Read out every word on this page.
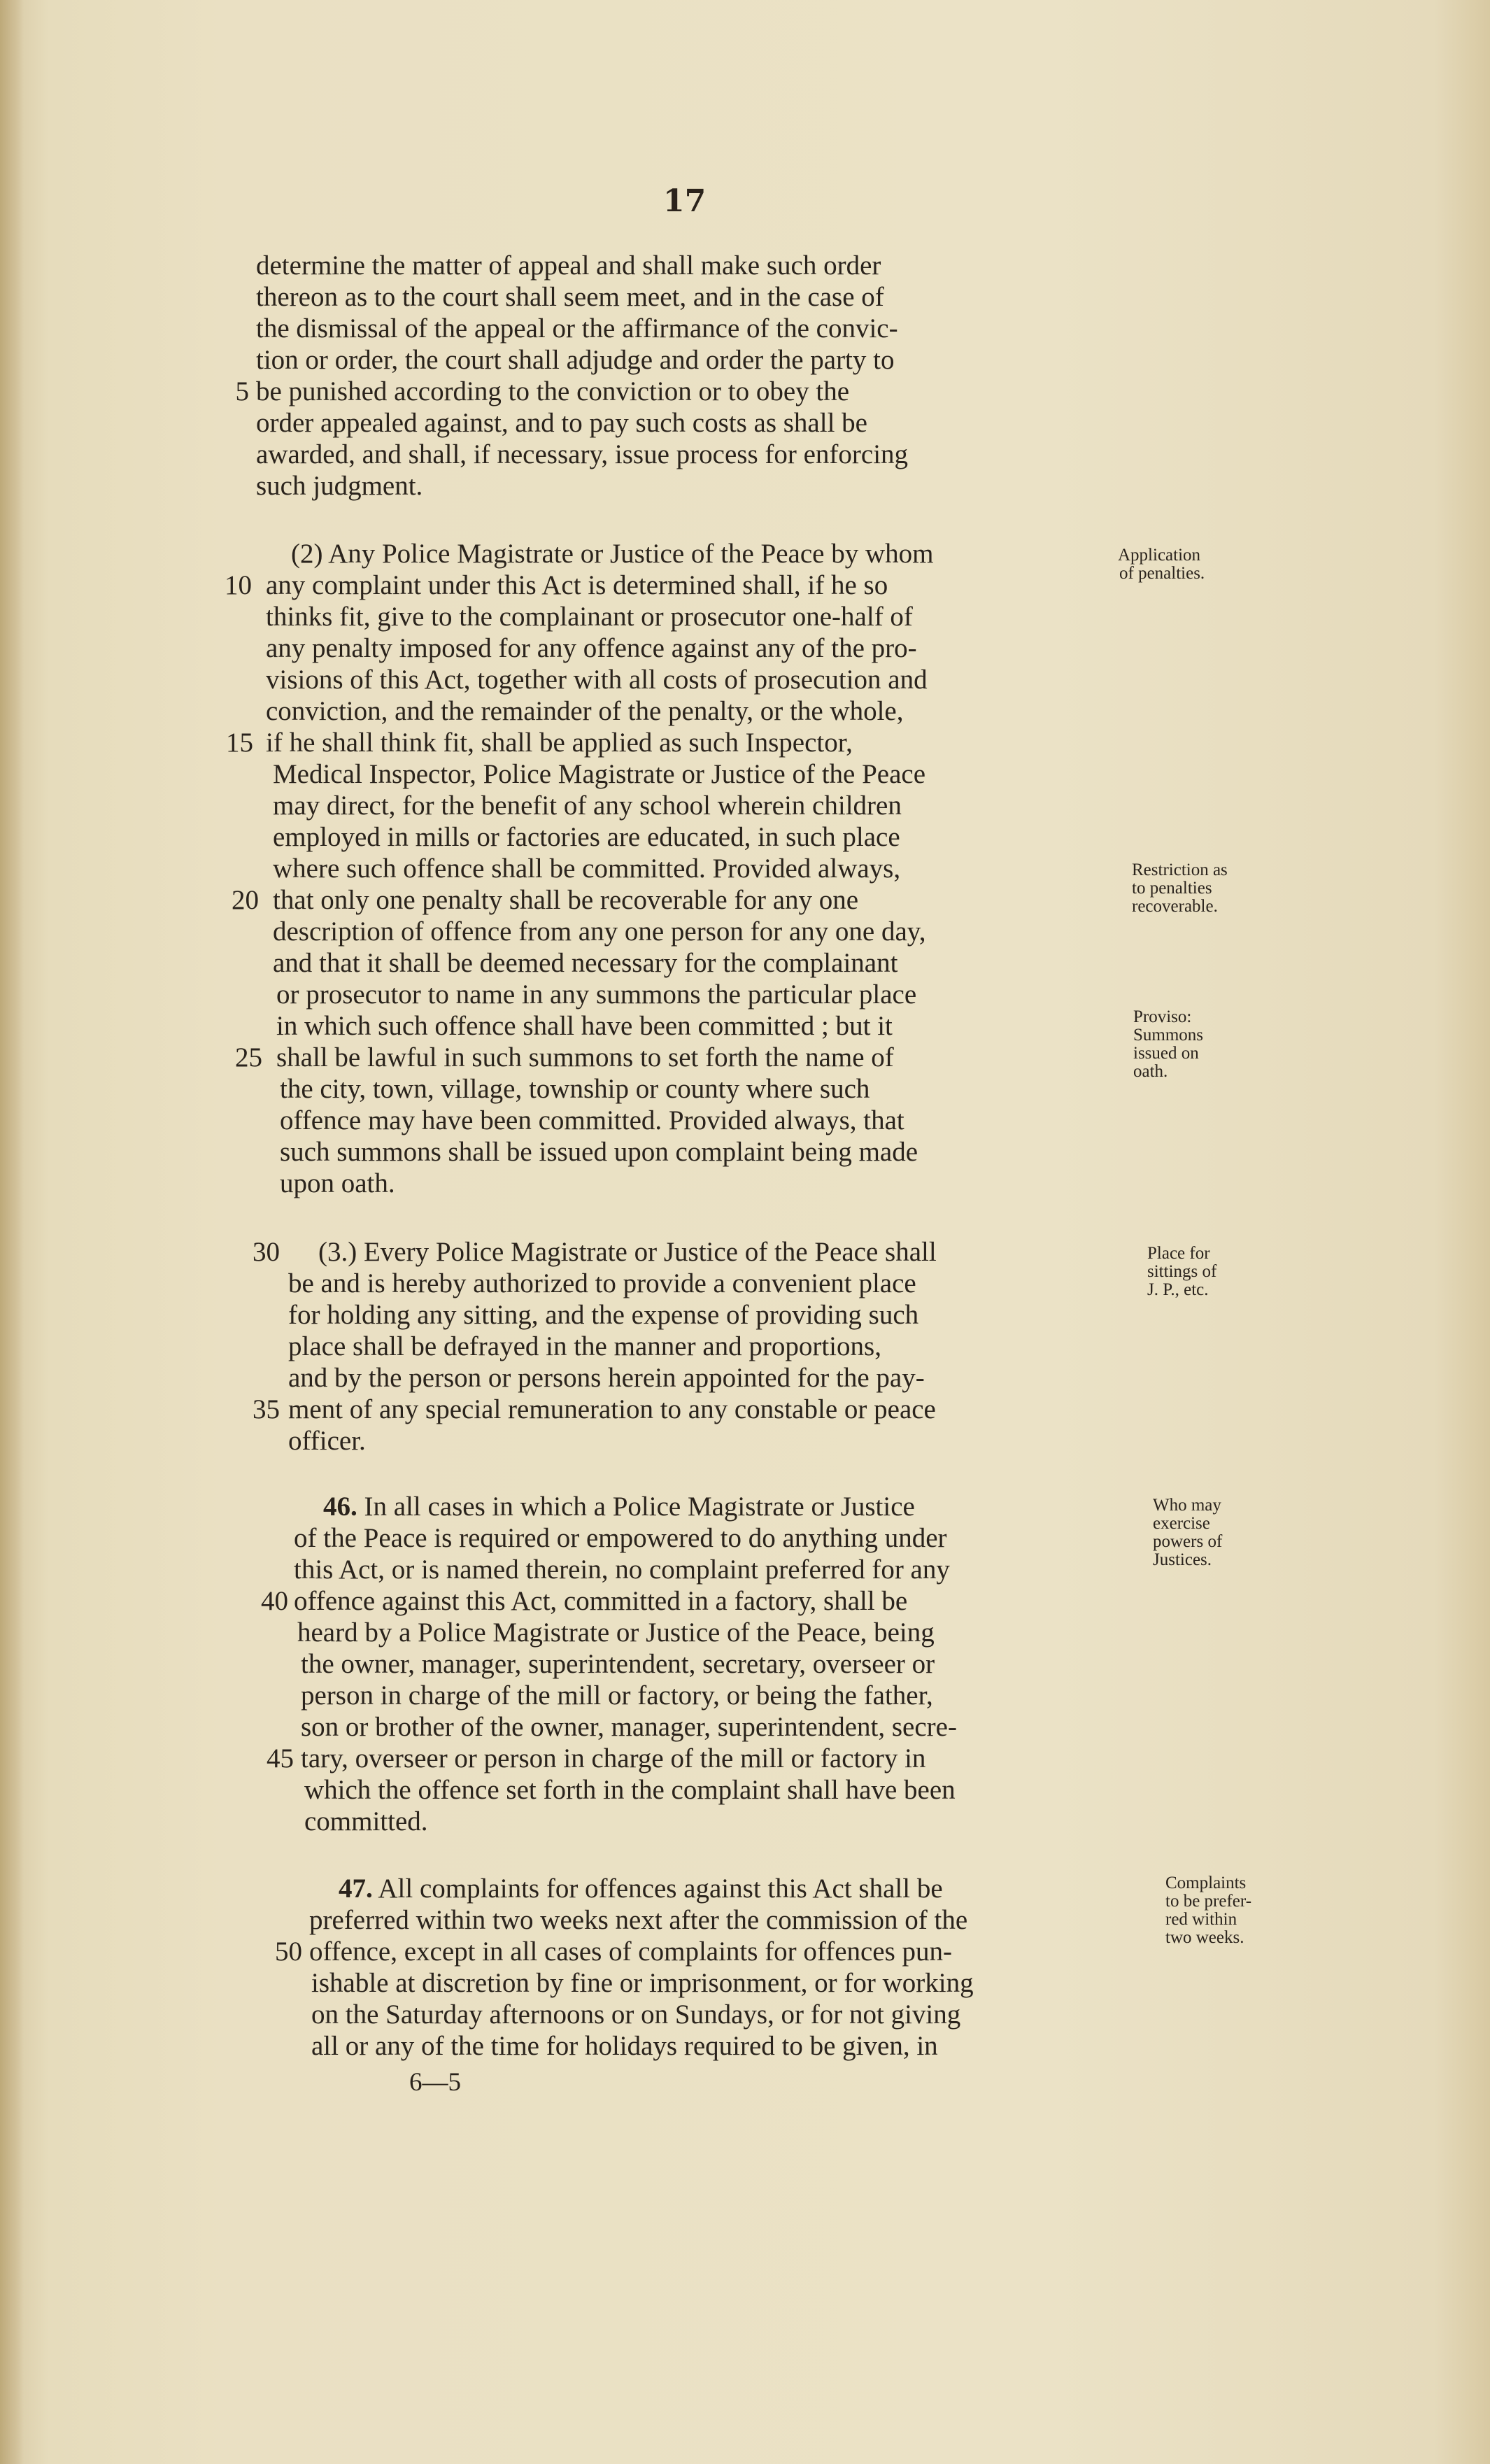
17
determine the matter of appeal and shall make such order
thereon as to the court shall seem meet, and in the case of
the dismissal of the appeal or the affirmance of the convic-
tion or order, the court shall adjudge and order the party to
be punished according to the conviction or to obey the
order appealed against, and to pay such costs as shall be
awarded, and shall, if necessary, issue process for enforcing
such judgment.
(2) Any Police Magistrate or Justice of the Peace by whom
any complaint under this Act is determined shall, if he so
thinks fit, give to the complainant or prosecutor one-half of
any penalty imposed for any offence against any of the pro-
visions of this Act, together with all costs of prosecution and
conviction, and the remainder of the penalty, or the whole,
if he shall think fit, shall be applied as such Inspector,
Medical Inspector, Police Magistrate or Justice of the Peace
may direct, for the benefit of any school wherein children
employed in mills or factories are educated, in such place
where such offence shall be committed. Provided always,
that only one penalty shall be recoverable for any one
description of offence from any one person for any one day,
and that it shall be deemed necessary for the complainant
or prosecutor to name in any summons the particular place
in which such offence shall have been committed ; but it
shall be lawful in such summons to set forth the name of
the city, town, village, township or county where such
offence may have been committed. Provided always, that
such summons shall be issued upon complaint being made
upon oath.
(3.) Every Police Magistrate or Justice of the Peace shall
be and is hereby authorized to provide a convenient place
for holding any sitting, and the expense of providing such
place shall be defrayed in the manner and proportions,
and by the person or persons herein appointed for the pay-
ment of any special remuneration to any constable or peace
officer.
46. In all cases in which a Police Magistrate or Justice
of the Peace is required or empowered to do anything under
this Act, or is named therein, no complaint preferred for any
offence against this Act, committed in a factory, shall be
heard by a Police Magistrate or Justice of the Peace, being
the owner, manager, superintendent, secretary, overseer or
person in charge of the mill or factory, or being the father,
son or brother of the owner, manager, superintendent, secre-
tary, overseer or person in charge of the mill or factory in
which the offence set forth in the complaint shall have been
committed.
47. All complaints for offences against this Act shall be
preferred within two weeks next after the commission of the
offence, except in all cases of complaints for offences pun-
ishable at discretion by fine or imprisonment, or for working
on the Saturday afternoons or on Sundays, or for not giving
all or any of the time for holidays required to be given, in
6—5
5
10
15
20
25
30
35
40
45
50
Application
of penalties.
Restriction as
to penalties
recoverable.
Proviso:
Summons
issued on
oath.
Place for
sittings of
J. P., etc.
Who may
exercise
powers of
Justices.
Complaints
to be prefer-
red within
two weeks.
